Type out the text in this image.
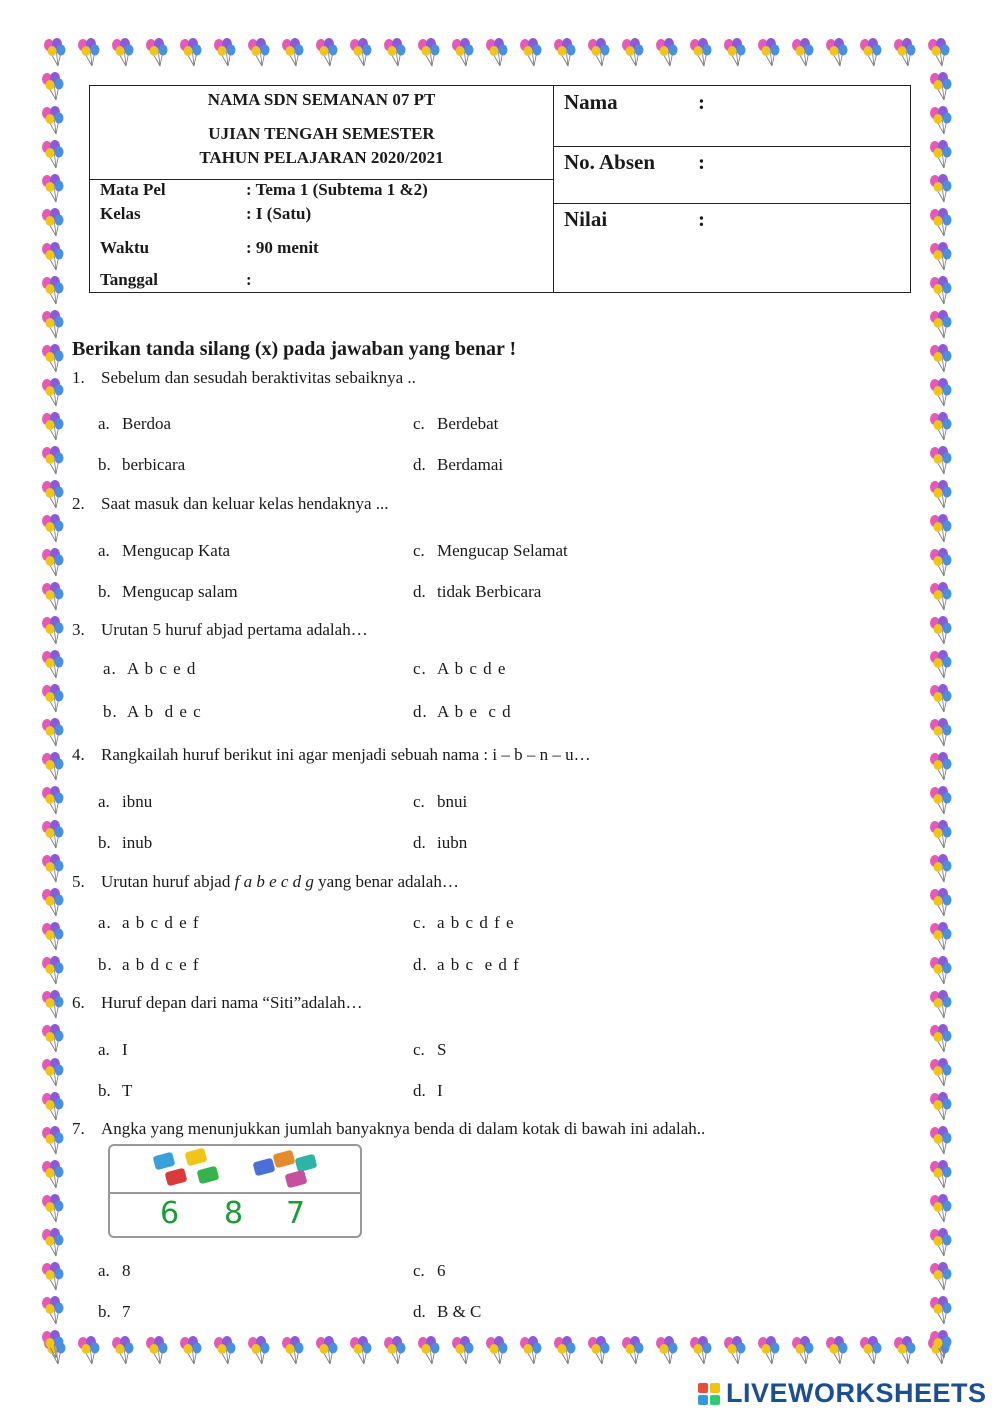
NAMA SDN SEMANAN 07 PT
UJIAN TENGAH SEMESTER
TAHUN PELAJARAN 2020/2021
Mata Pel	: Tema 1 (Subtema 1 &2)
Kelas	: I (Satu)
Waktu	: 90 menit
Tanggal	:
Nama	:
No. Absen :
Nilai	:
Berikan tanda silang (x) pada jawaban yang benar !
1. Sebelum dan sesudah beraktivitas sebaiknya ..
a. Berdoa
b. berbicara
c. Berdebat
d. Berdamai
2. Saat masuk dan keluar kelas hendaknya ...
a. Mengucap Kata
b. Mengucap salam
c. Mengucap Selamat
d. tidak Berbicara
3. Urutan 5 huruf abjad pertama adalah…
a. A b c e d
b. A b  d e c
c. A b c d e
d. A b e  c d
4. Rangkailah huruf berikut ini agar menjadi sebuah nama : i – b – n – u…
a. ibnu
b. inub
c. bnui
d. iubn
5. Urutan huruf abjad f a b e c d g yang benar adalah…
a. a b c d e f
b. a b d c e f
c. a b c d f e
d. a b c  e d f
6. Huruf depan dari nama “Siti”adalah…
a. I
b. T
c. S
d. I
7. Angka yang menunjukkan jumlah banyaknya benda di dalam kotak di bawah ini adalah..
6 8 7
a. 8
b. 7
c. 6
d. B & C
LIVEWORKSHEETS
